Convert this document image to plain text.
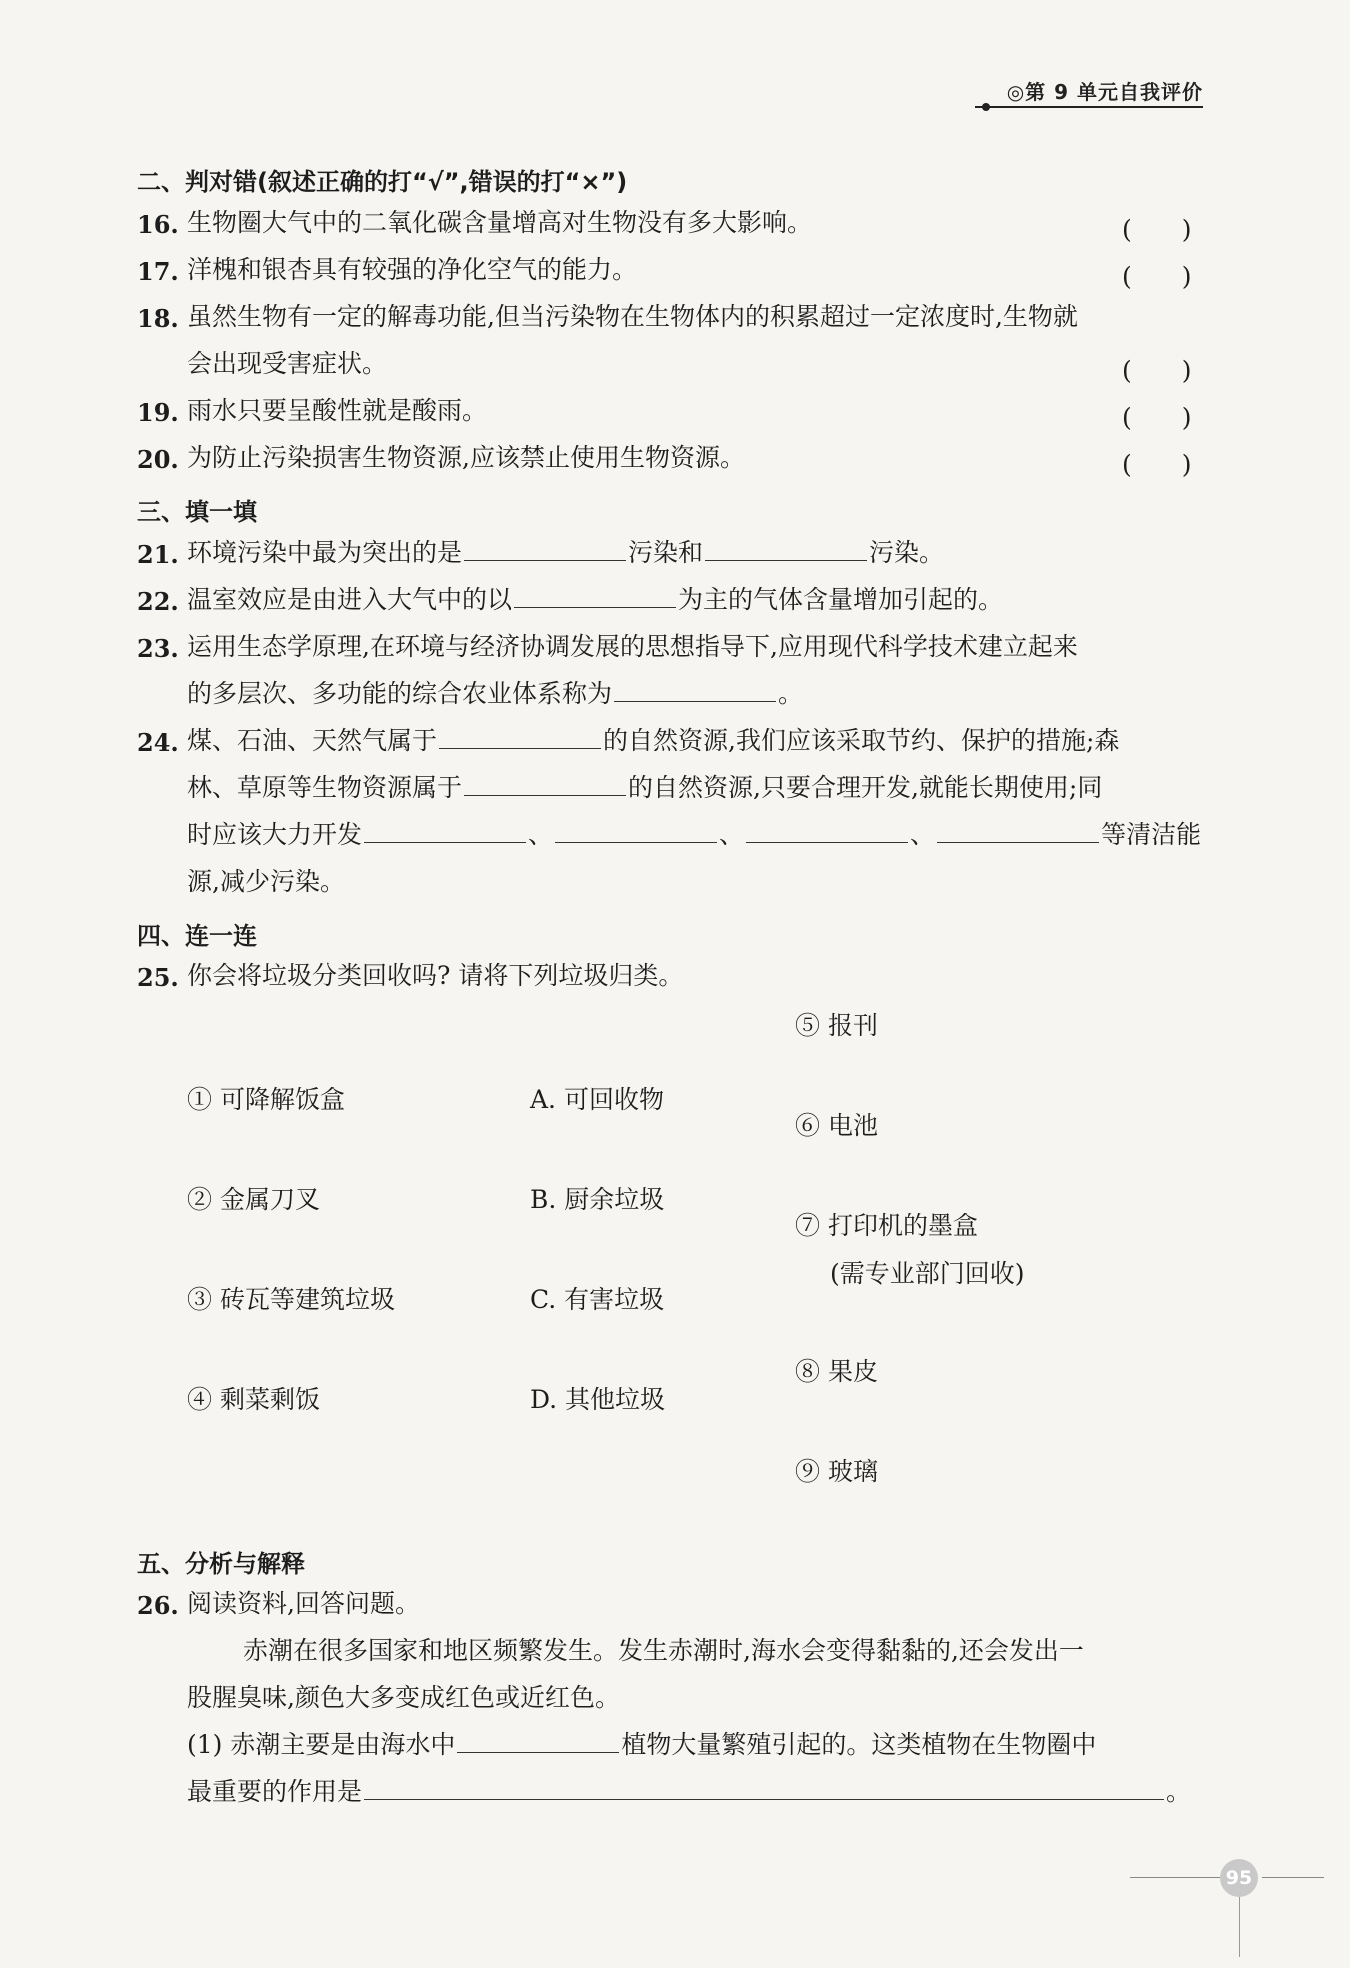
◎第 9 单元自我评价
二、判对错(叙述正确的打“√”,错误的打“×”)
16. 生物圈大气中的二氧化碳含量增高对生物没有多大影响。	(　　)
17. 洋槐和银杏具有较强的净化空气的能力。	(　　)
18. 虽然生物有一定的解毒功能,但当污染物在生物体内的积累超过一定浓度时,生物就
会出现受害症状。	(　　)
19. 雨水只要呈酸性就是酸雨。	(　　)
20. 为防止污染损害生物资源,应该禁止使用生物资源。	(　　)
三、填一填
21. 环境污染中最为突出的是	污染和	污染。
22. 温室效应是由进入大气中的以	为主的气体含量增加引起的。
23. 运用生态学原理,在环境与经济协调发展的思想指导下,应用现代科学技术建立起来
的多层次、多功能的综合农业体系称为	。
24. 煤、石油、天然气属于	的自然资源,我们应该采取节约、保护的措施;森
林、草原等生物资源属于	的自然资源,只要合理开发,就能长期使用;同
时应该大力开发	、	、	、	等清洁能
源,减少污染。
四、连一连
25. 你会将垃圾分类回收吗? 请将下列垃圾归类。
① 可降解饭盒
② 金属刀叉
③ 砖瓦等建筑垃圾
④ 剩菜剩饭
A. 可回收物
B. 厨余垃圾
C. 有害垃圾
D. 其他垃圾
⑤ 报刊
⑥ 电池
⑦ 打印机的墨盒
(需专业部门回收)
⑧ 果皮
⑨ 玻璃
五、分析与解释
26. 阅读资料,回答问题。
赤潮在很多国家和地区频繁发生。发生赤潮时,海水会变得黏黏的,还会发出一
股腥臭味,颜色大多变成红色或近红色。
(1) 赤潮主要是由海水中	植物大量繁殖引起的。这类植物在生物圈中
最重要的作用是	。
95
